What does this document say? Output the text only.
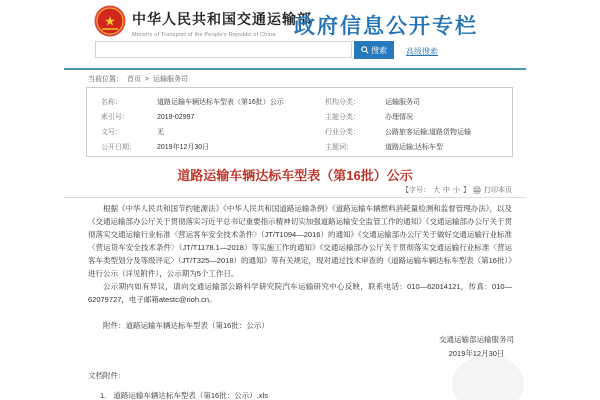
★ 中华人民共和国交通运输部
Ministry of Transport of the People's Republic of China 政府信息公开专栏
搜索 高级搜索
当前位置： 首页 > 运输服务司
名称：	道路运输车辆达标车型表（第16批）公示	机构分类：	运输服务司
索引号：	2019-02997	主题分类：	办理情况
文号：	无	行业分类：	公路旅客运输;道路货物运输
公开日期：	2019年12月30日	主题词：	道路运输;达标车型
道路运输车辆达标车型表（第16批）公示
【字号： 大 中 小 】 打印本页

根据《中华人民共和国节约能源法》《中华人民共和国道路运输条例》《道路运输车辆燃料消耗量检测和监督管理办法》，以及《交通运输部办公厅关于贯彻落实习近平总书记重要指示精神切实加强道路运输安全监管工作的通知》《交通运输部办公厅关于贯彻落实交通运输行业标准〈营运客车安全技术条件〉（JT/T1094—2016）的通知》《交通运输部办公厅关于做好交通运输行业标准〈营运货车安全技术条件〉（JT/T1178.1—2018）等实施工作的通知》《交通运输部办公厅关于贯彻落实交通运输行业标准〈营运客车类型划分及等级评定〉（JT/T325—2018）的通知》等有关规定，现对通过技术审查的《道路运输车辆达标车型表（第16批）》进行公示（详见附件），公示期为5个工作日。

公示期内如有异议，请向交通运输部公路科学研究院汽车运输研究中心反映，联系电话：010—62014121，传真：010—62079727，电子邮箱atestc@rioh.cn。

附件：道路运输车辆达标车型表（第16批：公示）

交通运输部运输服务司
2019年12月30日
文档附件：
1. 道路运输车辆达标车型表（第16批：公示）.xls
